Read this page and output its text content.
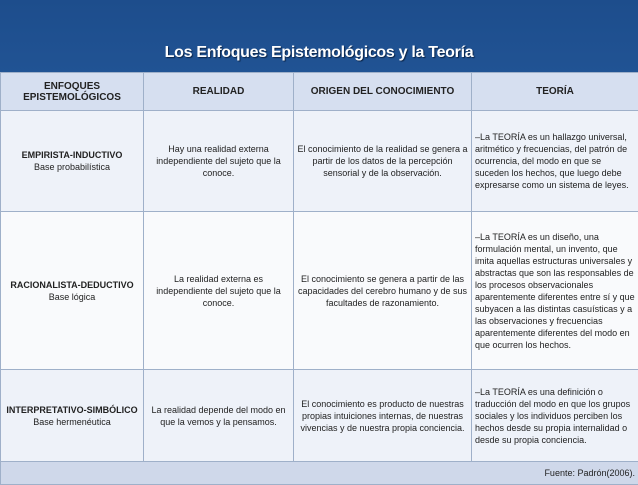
Los Enfoques Epistemológicos y la Teoría
ENFOQUES EPISTEMOLÓGICOS	REALIDAD	ORIGEN DEL CONOCIMIENTO	TEORÍA

EMPIRISTA-INDUCTIVO
Base probabilística	Hay una realidad externa independiente del sujeto que la conoce.	El conocimiento de la realidad se genera a partir de los datos de la percepción sensorial y de la observación.	–La TEORÍA es un hallazgo universal, aritmético y frecuencias, del patrón de ocurrencia, del modo en que se suceden los hechos, que luego debe expresarse como un sistema de leyes.

RACIONALISTA-DEDUCTIVO
Base lógica	La realidad externa es independiente del sujeto que la conoce.	El conocimiento se genera a partir de las capacidades del cerebro humano y de sus facultades de razonamiento.	–La TEORÍA es un diseño, una formulación mental, un invento, que imita aquellas estructuras universales y abstractas que son las responsables de los procesos observacionales aparentemente diferentes entre sí y que subyacen a las distintas casuísticas y a las observaciones y frecuencias aparentemente diferentes del modo en que ocurren los hechos.

INTERPRETATIVO-SIMBÓLICO
Base hermenéutica	La realidad depende del modo en que la vemos y la pensamos.	El conocimiento es producto de nuestras propias intuiciones internas, de nuestras vivencias y de nuestra propia conciencia.	–La TEORÍA es una definición o traducción del modo en que los grupos sociales y los individuos perciben los hechos desde su propia internalidad o desde su propia conciencia.
Fuente: Padrón(2006).			
